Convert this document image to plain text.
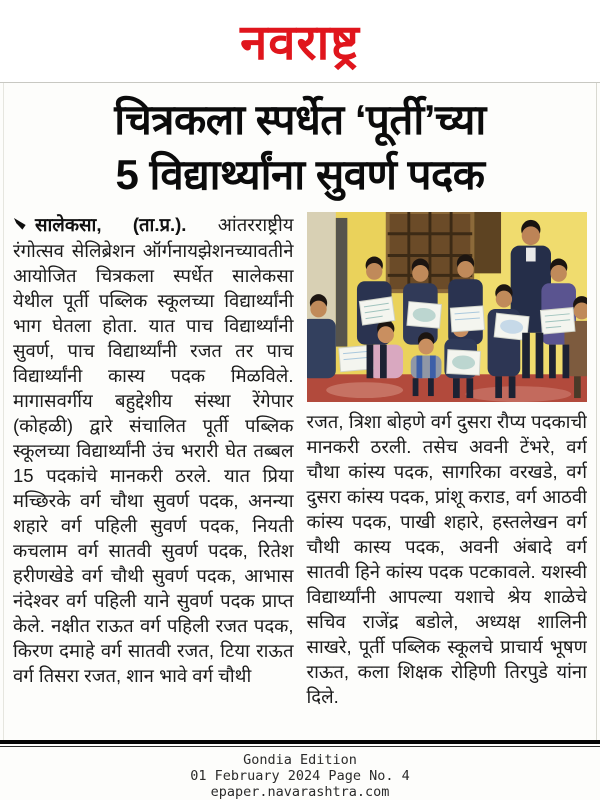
नवराष्ट्र
चित्रकला स्पर्धेत ‘पूर्ती’च्या
5 विद्यार्थ्यांना सुवर्ण पदक

सालेकसा, (ता.प्र.). आंतरराष्ट्रीय रंगोत्सव सेलिब्रेशन ऑर्गनायझेशनच्यावतीने आयोजित चित्रकला स्पर्धेत सालेकसा येथील पूर्ती पब्लिक स्कूलच्या विद्यार्थ्यांनी भाग घेतला होता. यात पाच विद्यार्थ्यांनी सुवर्ण, पाच विद्यार्थ्यांनी रजत तर पाच विद्यार्थ्यांनी कास्य पदक मिळविले. मागासवर्गीय बहुद्देशीय संस्था रेंगेपार (कोहळी) द्वारे संचालित पूर्ती पब्लिक स्कूलच्या विद्यार्थ्यांनी उंच भरारी घेत तब्बल 15 पदकांचे मानकरी ठरले. यात प्रिया मच्छिरके वर्ग चौथा सुवर्ण पदक, अनन्या शहारे वर्ग पहिली सुवर्ण पदक, नियती कचलाम वर्ग सातवी सुवर्ण पदक, रितेश हरीणखेडे वर्ग चौथी सुवर्ण पदक, आभास नंदेश्वर वर्ग पहिली याने सुवर्ण पदक प्राप्त केले. नक्षीत राऊत वर्ग पहिली रजत पदक, किरण दमाहे वर्ग सातवी रजत, टिया राऊत वर्ग तिसरा रजत, शान भावे वर्ग चौथी

रजत, त्रिशा बोहणे वर्ग दुसरा रौप्य पदकाची मानकरी ठरली. तसेच अवनी टेंभरे, वर्ग चौथा कांस्य पदक, सागरिका वरखडे, वर्ग दुसरा कांस्य पदक, प्रांशू कराड, वर्ग आठवी कांस्य पदक, पाखी शहारे, हस्तलेखन वर्ग चौथी कास्य पदक, अवनी अंबादे वर्ग सातवी हिने कांस्य पदक पटकावले. यशस्वी विद्यार्थ्यांनी आपल्या यशाचे श्रेय शाळेचे सचिव राजेंद्र बडोले, अध्यक्ष शालिनी साखरे, पूर्ती पब्लिक स्कूलचे प्राचार्य भूषण राऊत, कला शिक्षक रोहिणी तिरपुडे यांना दिले.
Gondia Edition
01 February 2024 Page No. 4
epaper.navarashtra.com
